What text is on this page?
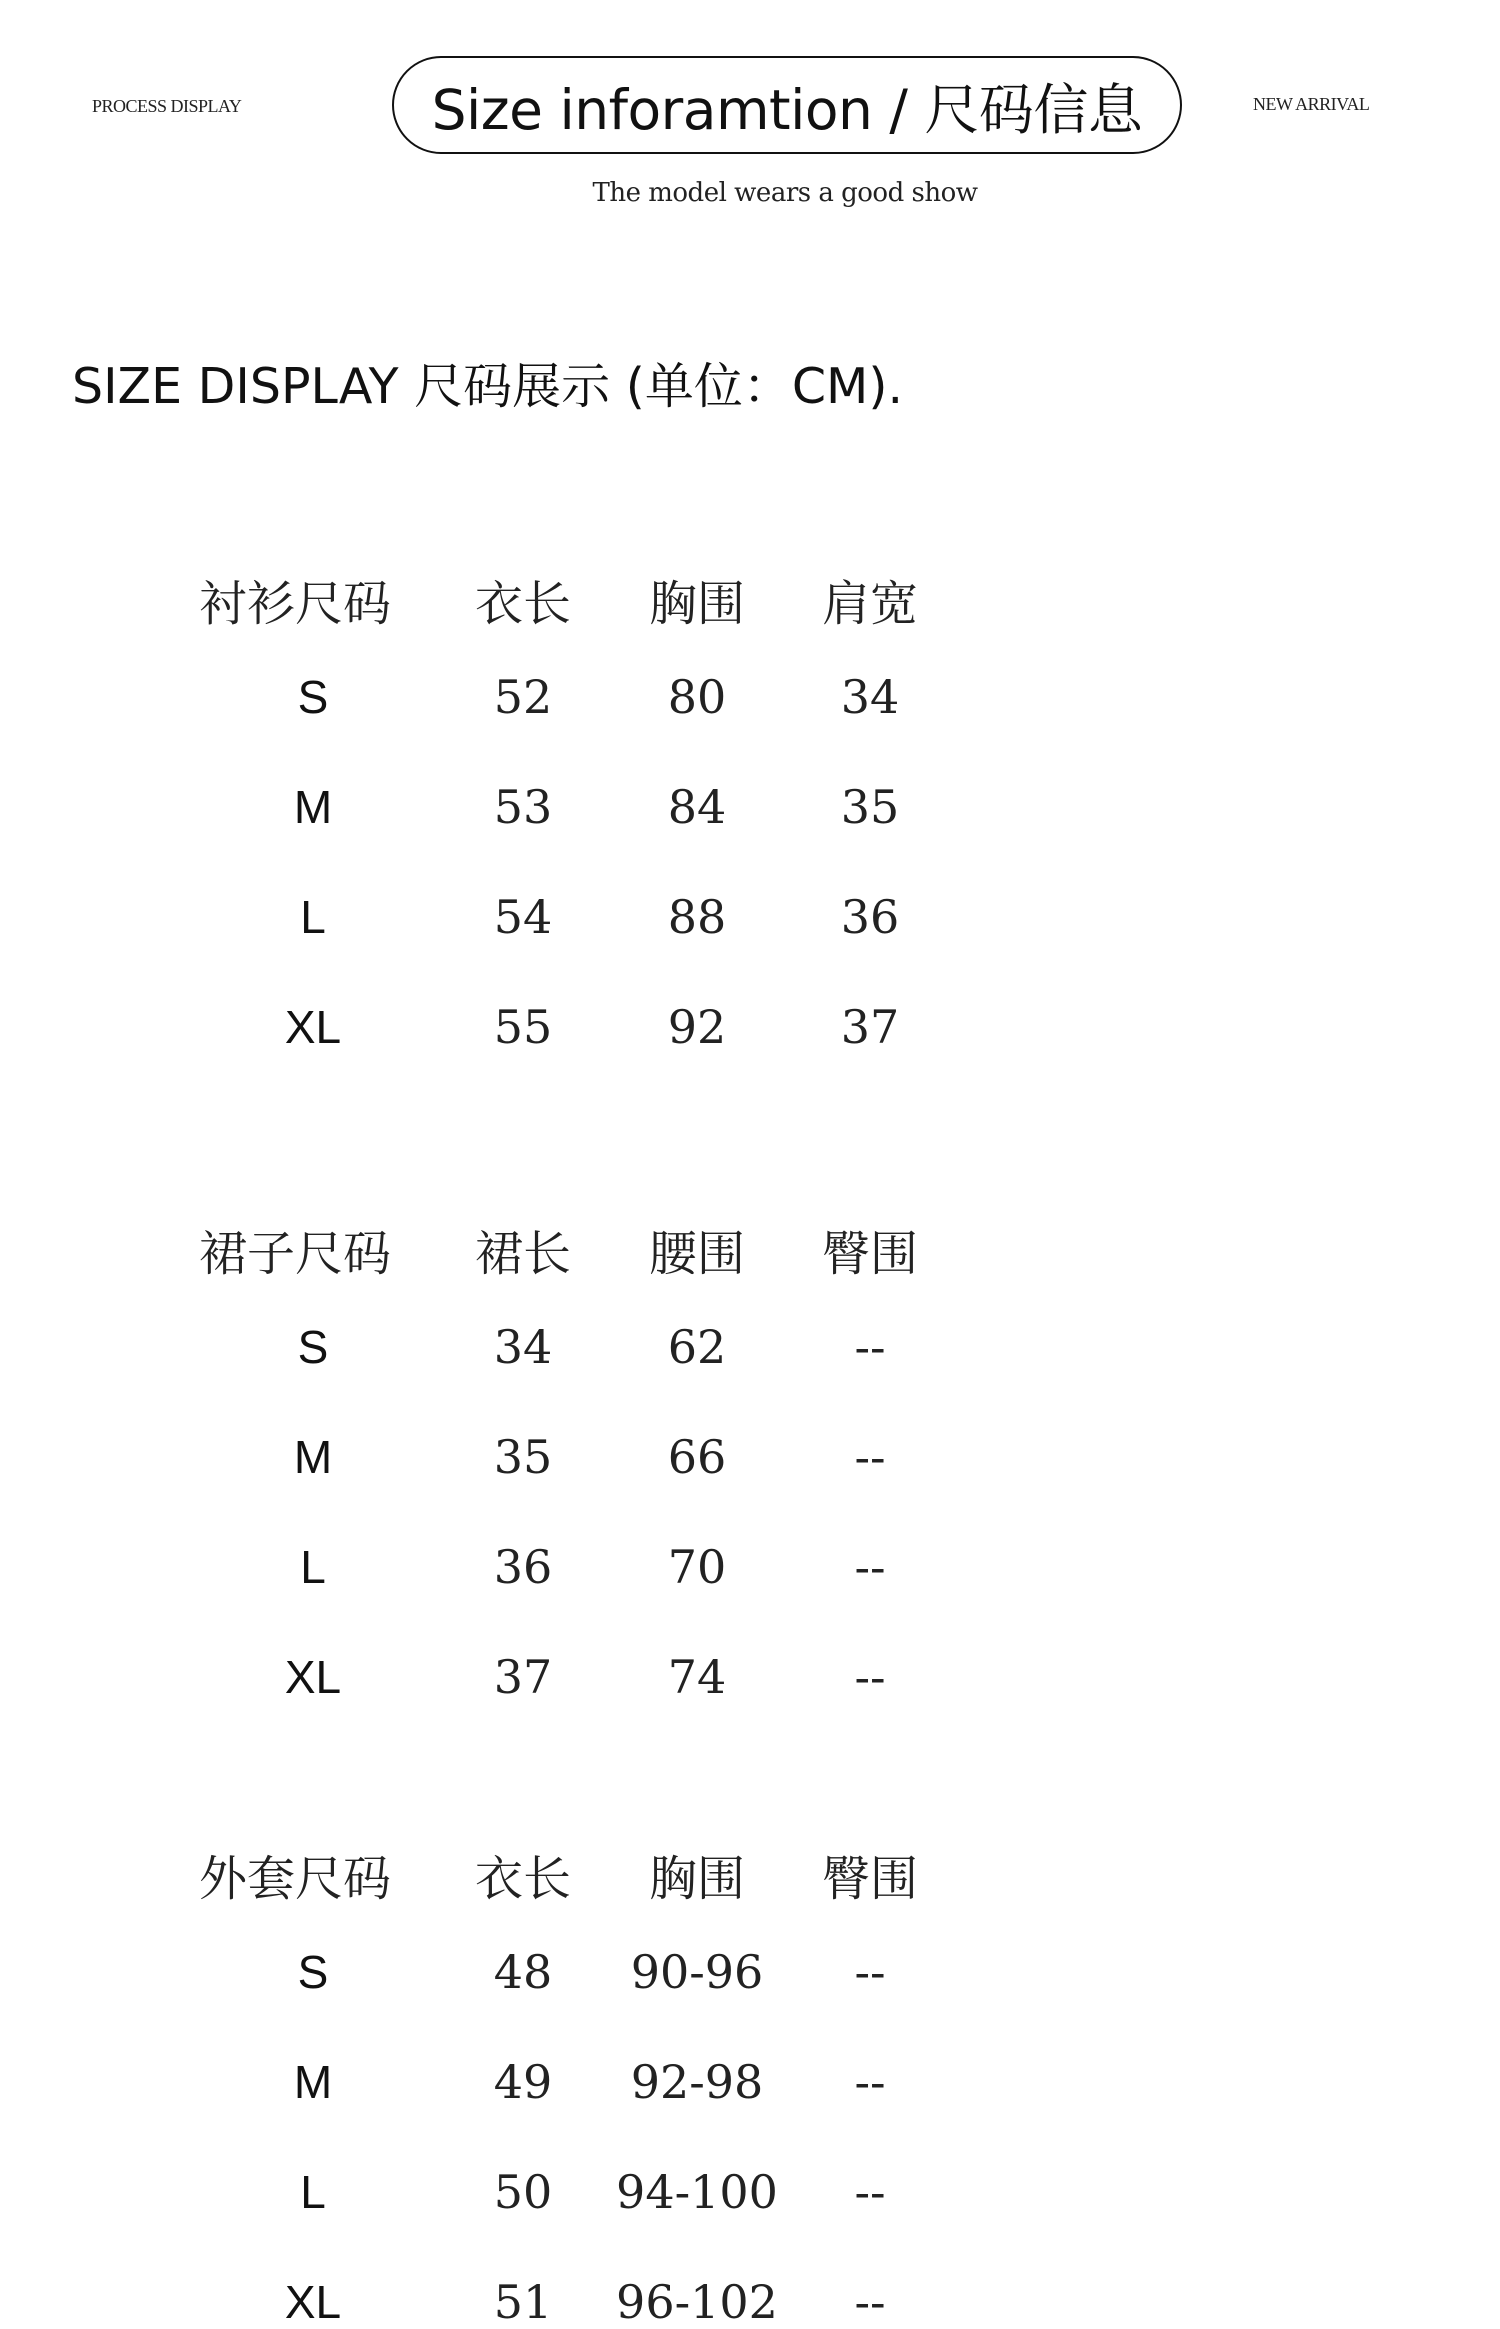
PROCESS DISPLAY	Size inforamtion / 尺码信息	NEW ARRIVAL
The model wears a good show
SIZE DISPLAY 尺码展示 (单位：CM).
衬衫尺码 衣长 胸围 肩宽
S	52	80 34
M	53	84 35
L	54	88 36
XL	55	92 37
裙子尺码 裙长 腰围 臀围
S	34	62	--
M	35	66	--
L	36	70	--
XL	37	74	--
外套尺码 衣长 胸围 臀围
S	48 90-96 --
M	49 92-98 --
L	50 94-100 --
XL	51 96-102 --
